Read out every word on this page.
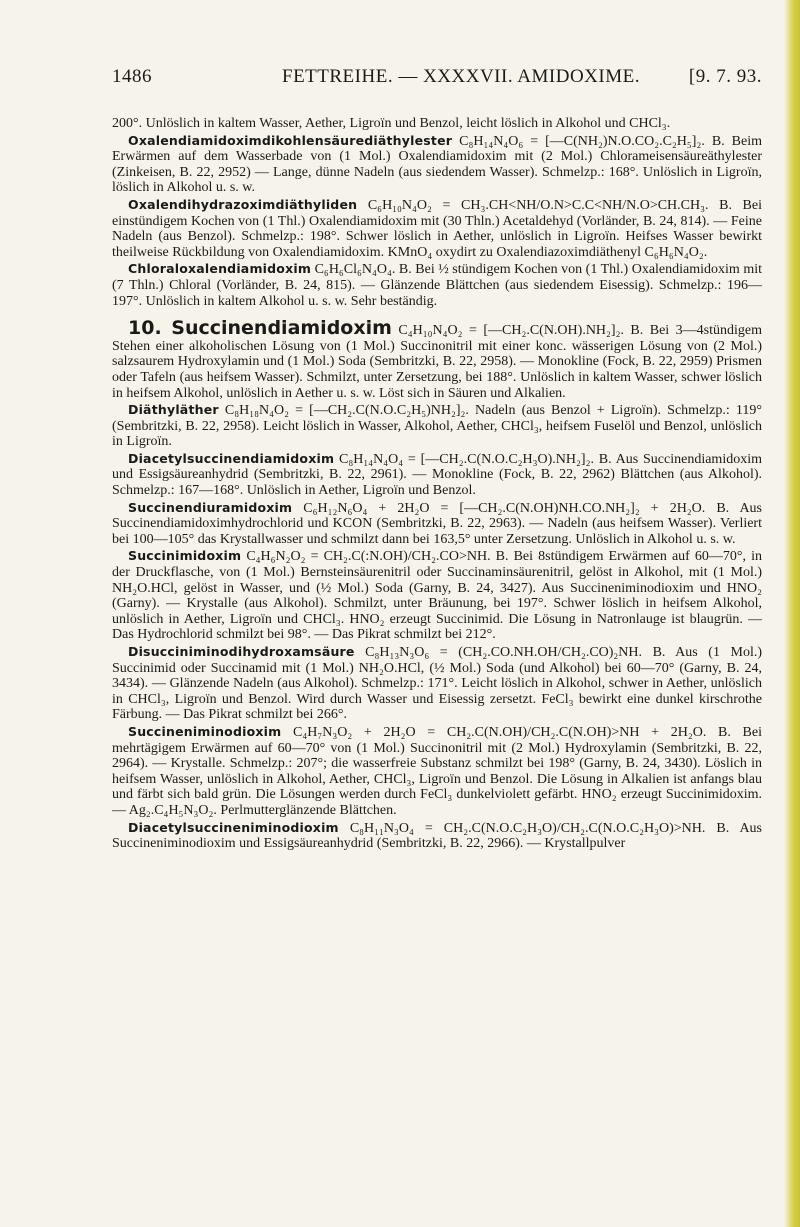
1486	FETTREIHE. — XXXXVII. AMIDOXIME.	[9. 7. 93.

200°. Unlöslich in kaltem Wasser, Aether, Ligroïn und Benzol, leicht löslich in Alkohol und CHCl₃.

Oxalendiamidoximdikohlensäurediäthylester C₈H₁₄N₄O₆ = [—C(NH₂)N.O.CO₂.C₂H₅]₂. B. Beim Erwärmen auf dem Wasserbade von (1 Mol.) Oxalendiamidoxim mit (2 Mol.) Chlorameisensäureäthylester (Zinkeisen, B. 22, 2952) — Lange, dünne Nadeln (aus siedendem Wasser). Schmelzp.: 168°. Unlöslich in Ligroïn, löslich in Alkohol u. s. w.

Oxalendihydrazoximdiäthyliden C₆H₁₀N₄O₂ = CH₃.CH<NH/O.N>C.C<NH/N.O>CH.CH₃. B. Bei einstündigem Kochen von (1 Thl.) Oxalendiamidoxim mit (30 Thln.) Acetaldehyd (Vorländer, B. 24, 814). — Feine Nadeln (aus Benzol). Schmelzp.: 198°. Schwer löslich in Aether, unlöslich in Ligroïn. Heifses Wasser bewirkt theilweise Rückbildung von Oxalendiamidoxim. KMnO₄ oxydirt zu Oxalendiazoximdiäthenyl C₆H₆N₄O₂.

Chloraloxalendiamidoxim C₆H₆Cl₆N₄O₄. B. Bei ½ stündigem Kochen von (1 Thl.) Oxalendiamidoxim mit (7 Thln.) Chloral (Vorländer, B. 24, 815). — Glänzende Blättchen (aus siedendem Eisessig). Schmelzp.: 196—197°. Unlöslich in kaltem Alkohol u. s. w. Sehr beständig.

10. Succinendiamidoxim C₄H₁₀N₄O₂ = [—CH₂.C(N.OH).NH₂]₂. B. Bei 3—4stündigem Stehen einer alkoholischen Lösung von (1 Mol.) Succinonitril mit einer konc. wässerigen Lösung von (2 Mol.) salzsaurem Hydroxylamin und (1 Mol.) Soda (Sembritzki, B. 22, 2958). — Monokline (Fock, B. 22, 2959) Prismen oder Tafeln (aus heifsem Wasser). Schmilzt, unter Zersetzung, bei 188°. Unlöslich in kaltem Wasser, schwer löslich in heifsem Alkohol, unlöslich in Aether u. s. w. Löst sich in Säuren und Alkalien.

Diäthyläther C₈H₁₈N₄O₂ = [—CH₂.C(N.O.C₂H₅)NH₂]₂. Nadeln (aus Benzol + Ligroïn). Schmelzp.: 119° (Sembritzki, B. 22, 2958). Leicht löslich in Wasser, Alkohol, Aether, CHCl₃, heifsem Fuselöl und Benzol, unlöslich in Ligroïn.

Diacetylsuccinendiamidoxim C₈H₁₄N₄O₄ = [—CH₂.C(N.O.C₂H₃O).NH₂]₂. B. Aus Succinendiamidoxim und Essigsäureanhydrid (Sembritzki, B. 22, 2961). — Monokline (Fock, B. 22, 2962) Blättchen (aus Alkohol). Schmelzp.: 167—168°. Unlöslich in Aether, Ligroïn und Benzol.

Succinendiuramidoxim C₆H₁₂N₆O₄ + 2H₂O = [—CH₂.C(N.OH)NH.CO.NH₂]₂ + 2H₂O. B. Aus Succinendiamidoximhydrochlorid und KCON (Sembritzki, B. 22, 2963). — Nadeln (aus heifsem Wasser). Verliert bei 100—105° das Krystallwasser und schmilzt dann bei 163,5° unter Zersetzung. Unlöslich in Alkohol u. s. w.

Succinimidoxim C₄H₆N₂O₂ = CH₂.C(:N.OH)/CH₂.CO>NH. B. Bei 8stündigem Erwärmen auf 60—70°, in der Druckflasche, von (1 Mol.) Bernsteinsäurenitril oder Succinaminsäurenitril, gelöst in Alkohol, mit (1 Mol.) NH₂O.HCl, gelöst in Wasser, und (½ Mol.) Soda (Garny, B. 24, 3427). Aus Succineniminodioxim und HNO₂ (Garny). — Krystalle (aus Alkohol). Schmilzt, unter Bräunung, bei 197°. Schwer löslich in heifsem Alkohol, unlöslich in Aether, Ligroïn und CHCl₃. HNO₂ erzeugt Succinimid. Die Lösung in Natronlauge ist blaugrün. — Das Hydrochlorid schmilzt bei 98°. — Das Pikrat schmilzt bei 212°.

Disucciniminodihydroxamsäure C₈H₁₃N₃O₆ = (CH₂.CO.NH.OH/CH₂.CO)₂NH. B. Aus (1 Mol.) Succinimid oder Succinamid mit (1 Mol.) NH₂O.HCl, (½ Mol.) Soda (und Alkohol) bei 60—70° (Garny, B. 24, 3434). — Glänzende Nadeln (aus Alkohol). Schmelzp.: 171°. Leicht löslich in Alkohol, schwer in Aether, unlöslich in CHCl₃, Ligroïn und Benzol. Wird durch Wasser und Eisessig zersetzt. FeCl₃ bewirkt eine dunkel kirschrothe Färbung. — Das Pikrat schmilzt bei 266°.

Succineniminodioxim C₄H₇N₃O₂ + 2H₂O = CH₂.C(N.OH)/CH₂.C(N.OH)>NH + 2H₂O. B. Bei mehrtägigem Erwärmen auf 60—70° von (1 Mol.) Succinonitril mit (2 Mol.) Hydroxylamin (Sembritzki, B. 22, 2964). — Krystalle. Schmelzp.: 207°; die wasserfreie Substanz schmilzt bei 198° (Garny, B. 24, 3430). Löslich in heifsem Wasser, unlöslich in Alkohol, Aether, CHCl₃, Ligroïn und Benzol. Die Lösung in Alkalien ist anfangs blau und färbt sich bald grün. Die Lösungen werden durch FeCl₃ dunkelviolett gefärbt. HNO₂ erzeugt Succinimidoxim. — Ag₂.C₄H₅N₃O₂. Perlmutterglänzende Blättchen.

Diacetylsuccineniminodioxim C₈H₁₁N₃O₄ = CH₂.C(N.O.C₂H₃O)/CH₂.C(N.O.C₂H₃O)>NH. B. Aus Succineniminodioxim und Essigsäureanhydrid (Sembritzki, B. 22, 2966). — Krystallpulver
